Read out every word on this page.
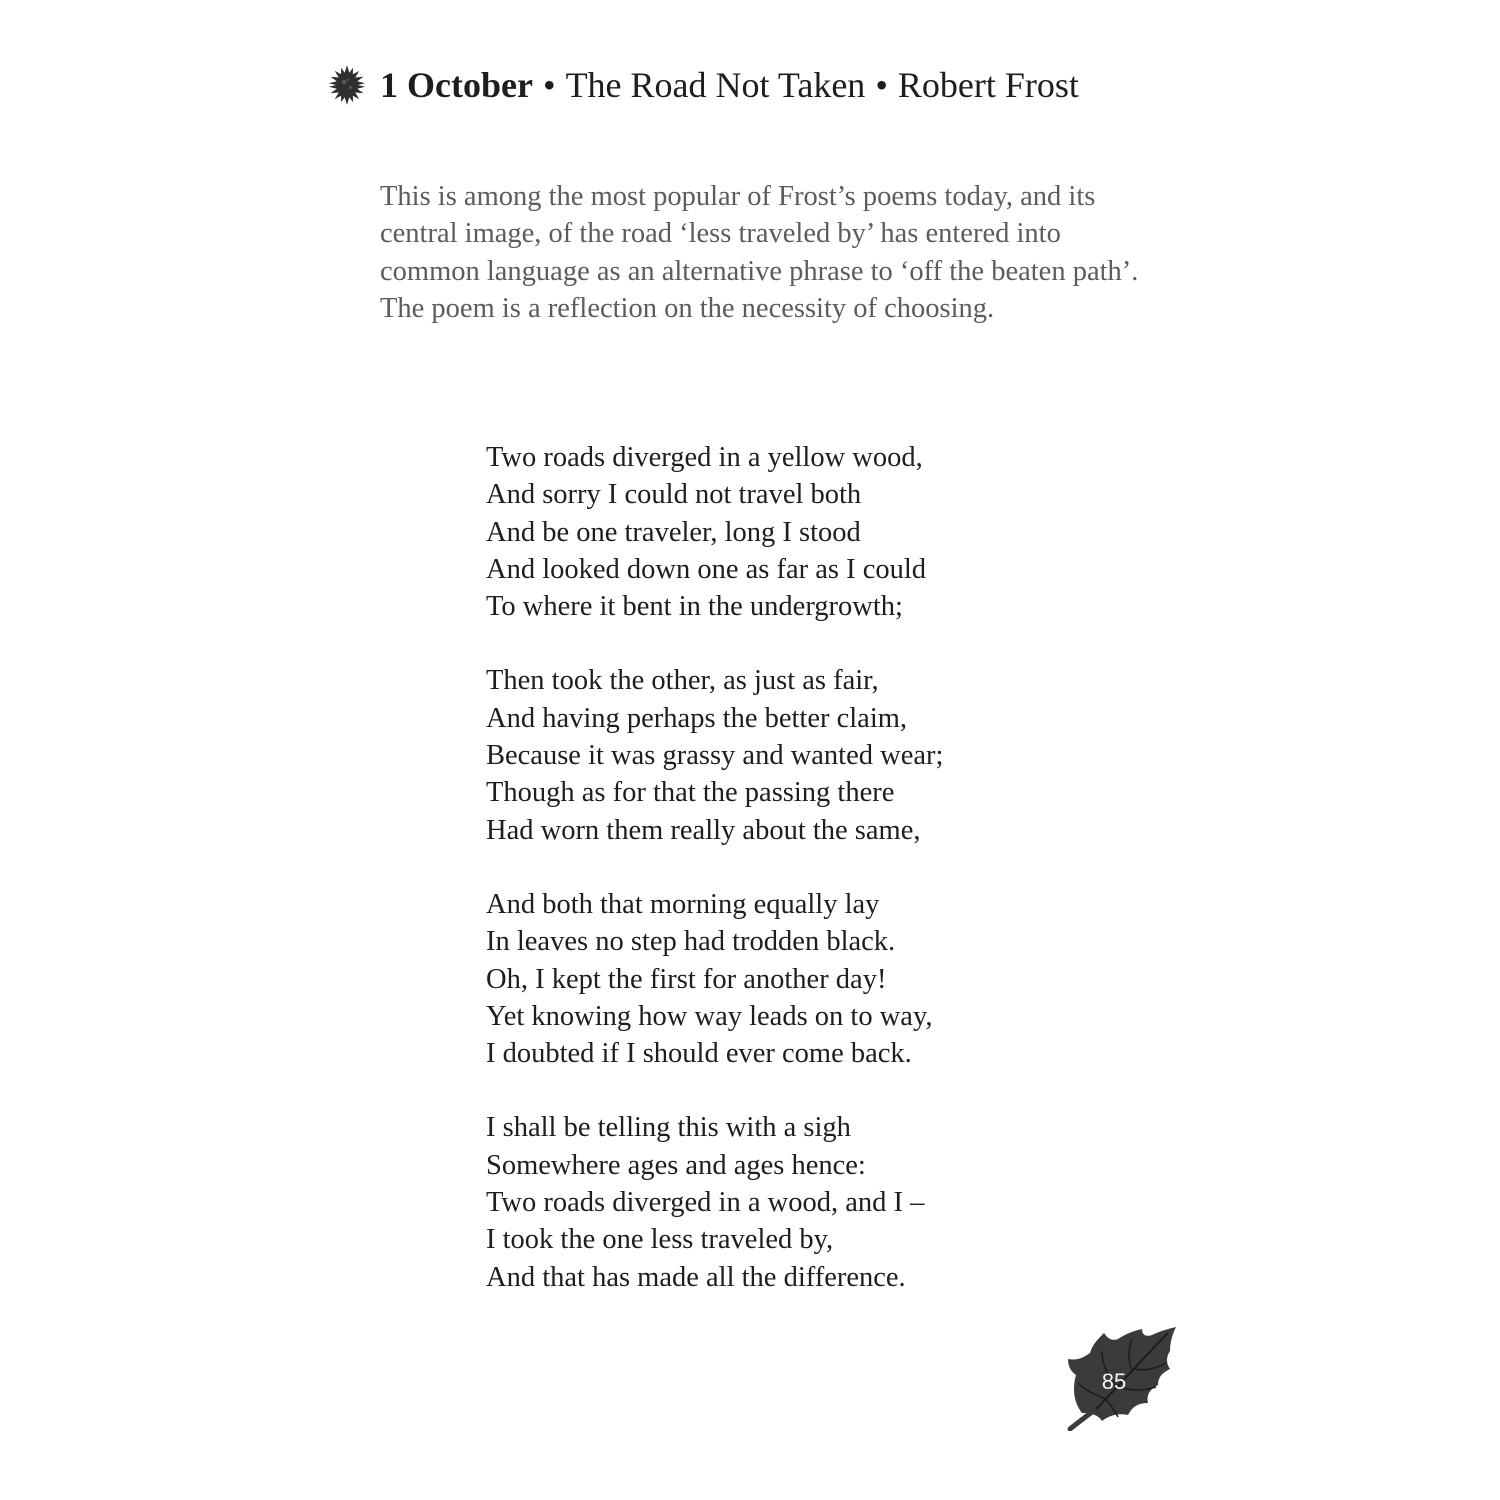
1 October • The Road Not Taken • Robert Frost

This is among the most popular of Frost’s poems today, and its central image, of the road ‘less traveled by’ has entered into common language as an alternative phrase to ‘off the beaten path’. The poem is a reflection on the necessity of choosing.

Two roads diverged in a yellow wood,
And sorry I could not travel both
And be one traveler, long I stood
And looked down one as far as I could
To where it bent in the undergrowth;
Then took the other, as just as fair,
And having perhaps the better claim,
Because it was grassy and wanted wear;
Though as for that the passing there
Had worn them really about the same,
And both that morning equally lay
In leaves no step had trodden black.
Oh, I kept the first for another day!
Yet knowing how way leads on to way,
I doubted if I should ever come back.
I shall be telling this with a sigh
Somewhere ages and ages hence:
Two roads diverged in a wood, and I –
I took the one less traveled by,
And that has made all the difference.
85
